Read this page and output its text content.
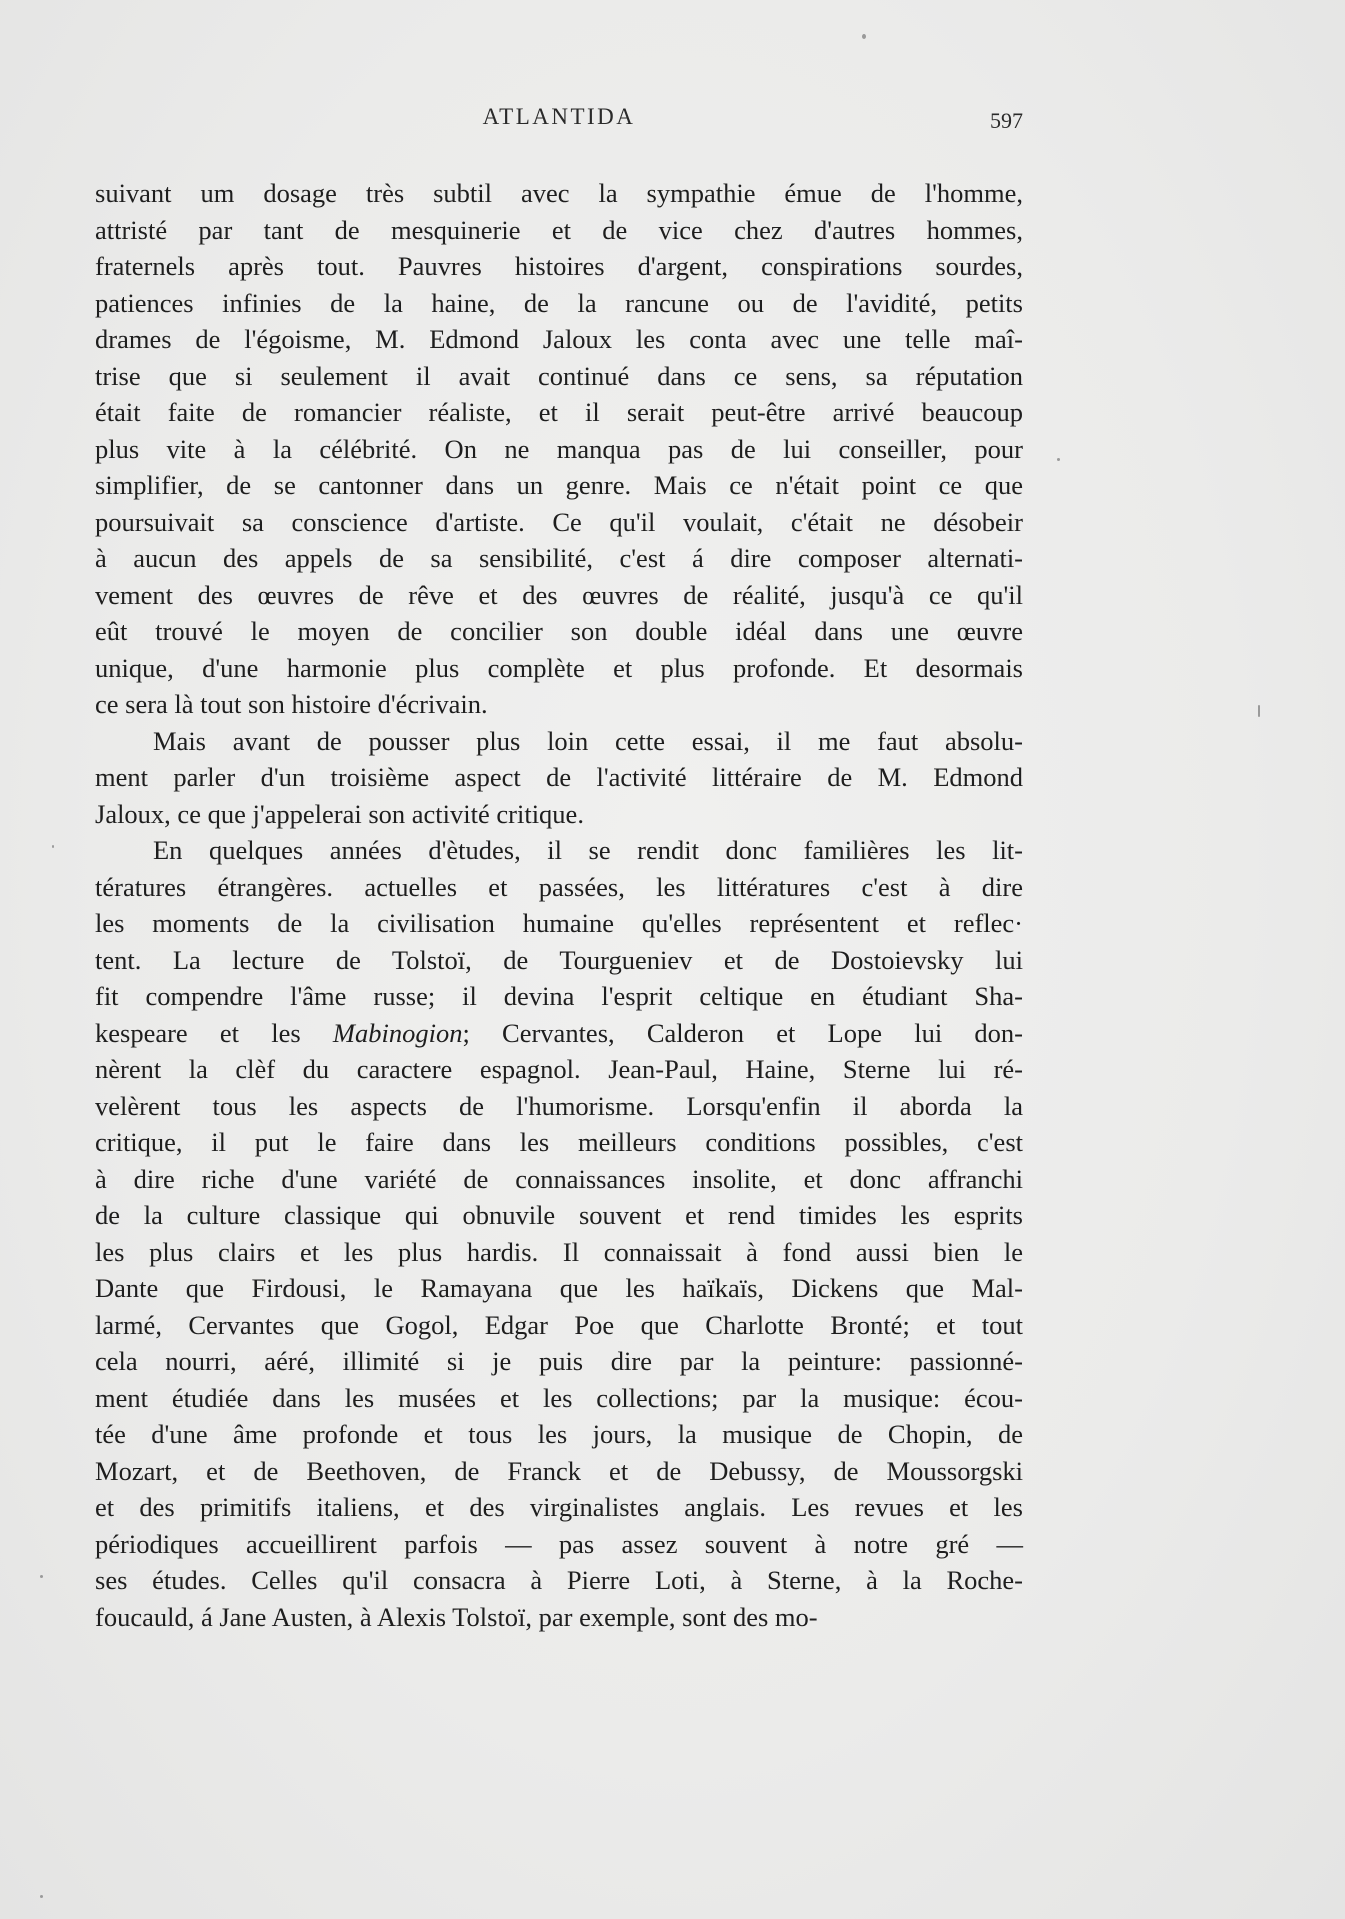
ATLANTIDA	597
suivant um dosage très subtil avec la sympathie émue de l'homme,
attristé par tant de mesquinerie et de vice chez d'autres hommes,
fraternels après tout. Pauvres histoires d'argent, conspirations sourdes,
patiences infinies de la haine, de la rancune ou de l'avidité, petits
drames de l'égoisme, M. Edmond Jaloux les conta avec une telle maî-
trise que si seulement il avait continué dans ce sens, sa réputation
était faite de romancier réaliste, et il serait peut-être arrivé beaucoup
plus vite à la célébrité. On ne manqua pas de lui conseiller, pour
simplifier, de se cantonner dans un genre. Mais ce n'était point ce que
poursuivait sa conscience d'artiste. Ce qu'il voulait, c'était ne désobeir
à aucun des appels de sa sensibilité, c'est á dire composer alternati-
vement des œuvres de rêve et des œuvres de réalité, jusqu'à ce qu'il
eût trouvé le moyen de concilier son double idéal dans une œuvre
unique, d'une harmonie plus complète et plus profonde. Et desormais
ce sera là tout son histoire d'écrivain.
Mais avant de pousser plus loin cette essai, il me faut absolu-
ment parler d'un troisième aspect de l'activité littéraire de M. Edmond
Jaloux, ce que j'appelerai son activité critique.
En quelques années d'ètudes, il se rendit donc familières les lit-
tératures étrangères. actuelles et passées, les littératures c'est à dire
les moments de la civilisation humaine qu'elles représentent et reflec·
tent. La lecture de Tolstoï, de Tourgueniev et de Dostoievsky lui
fit compendre l'âme russe; il devina l'esprit celtique en étudiant Sha-
kespeare et les Mabinogion; Cervantes, Calderon et Lope lui don-
nèrent la clèf du caractere espagnol. Jean-Paul, Haine, Sterne lui ré-
velèrent tous les aspects de l'humorisme. Lorsqu'enfin il aborda la
critique, il put le faire dans les meilleurs conditions possibles, c'est
à dire riche d'une variété de connaissances insolite, et donc affranchi
de la culture classique qui obnuvile souvent et rend timides les esprits
les plus clairs et les plus hardis. Il connaissait à fond aussi bien le
Dante que Firdousi, le Ramayana que les haïkaïs, Dickens que Mal-
larmé, Cervantes que Gogol, Edgar Poe que Charlotte Bronté; et tout
cela nourri, aéré, illimité si je puis dire par la peinture: passionné-
ment étudiée dans les musées et les collections; par la musique: écou-
tée d'une âme profonde et tous les jours, la musique de Chopin, de
Mozart, et de Beethoven, de Franck et de Debussy, de Moussorgski
et des primitifs italiens, et des virginalistes anglais. Les revues et les
périodiques accueillirent parfois — pas assez souvent à notre gré —
ses études. Celles qu'il consacra à Pierre Loti, à Sterne, à la Roche-
foucauld, á Jane Austen, à Alexis Tolstoï, par exemple, sont des mo-
